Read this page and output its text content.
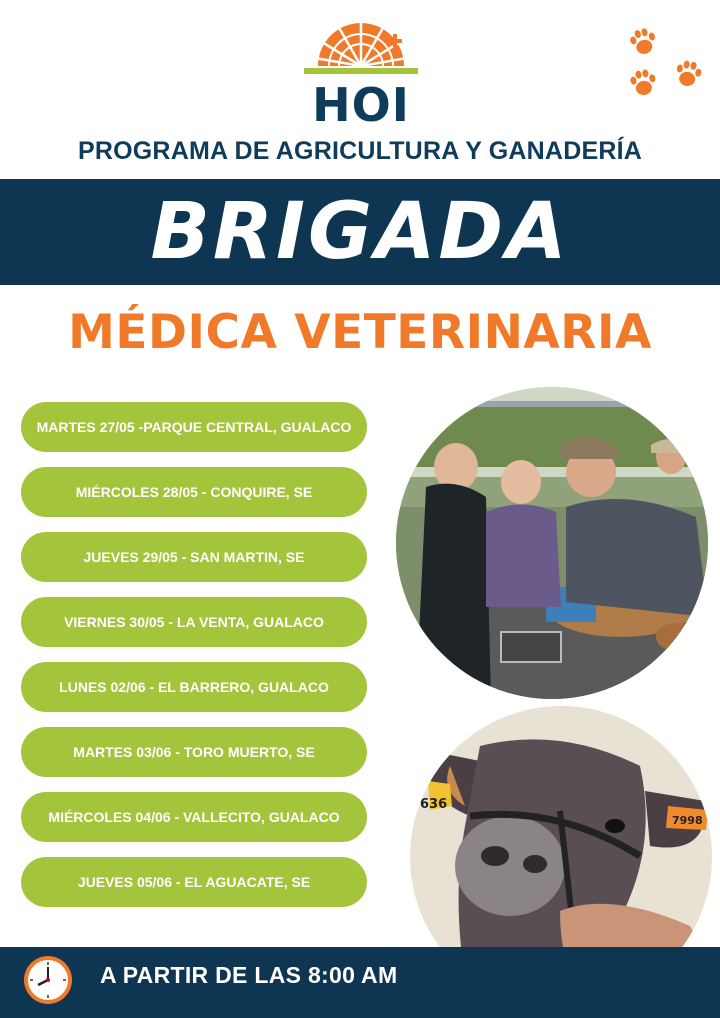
HOI
PROGRAMA DE AGRICULTURA Y GANADERÍA
BRIGADA
MÉDICA VETERINARIA
MARTES 27/05 -PARQUE CENTRAL, GUALACO
MIÉRCOLES 28/05 - CONQUIRE, SE
JUEVES 29/05 - SAN MARTIN, SE
VIERNES 30/05 - LA VENTA, GUALACO
LUNES 02/06 - EL BARRERO, GUALACO
MARTES 03/06 - TORO MUERTO, SE
MIÉRCOLES 04/06 - VALLECITO, GUALACO
JUEVES 05/06 - EL AGUACATE, SE
636
7998
A PARTIR DE LAS 8:00 AM
